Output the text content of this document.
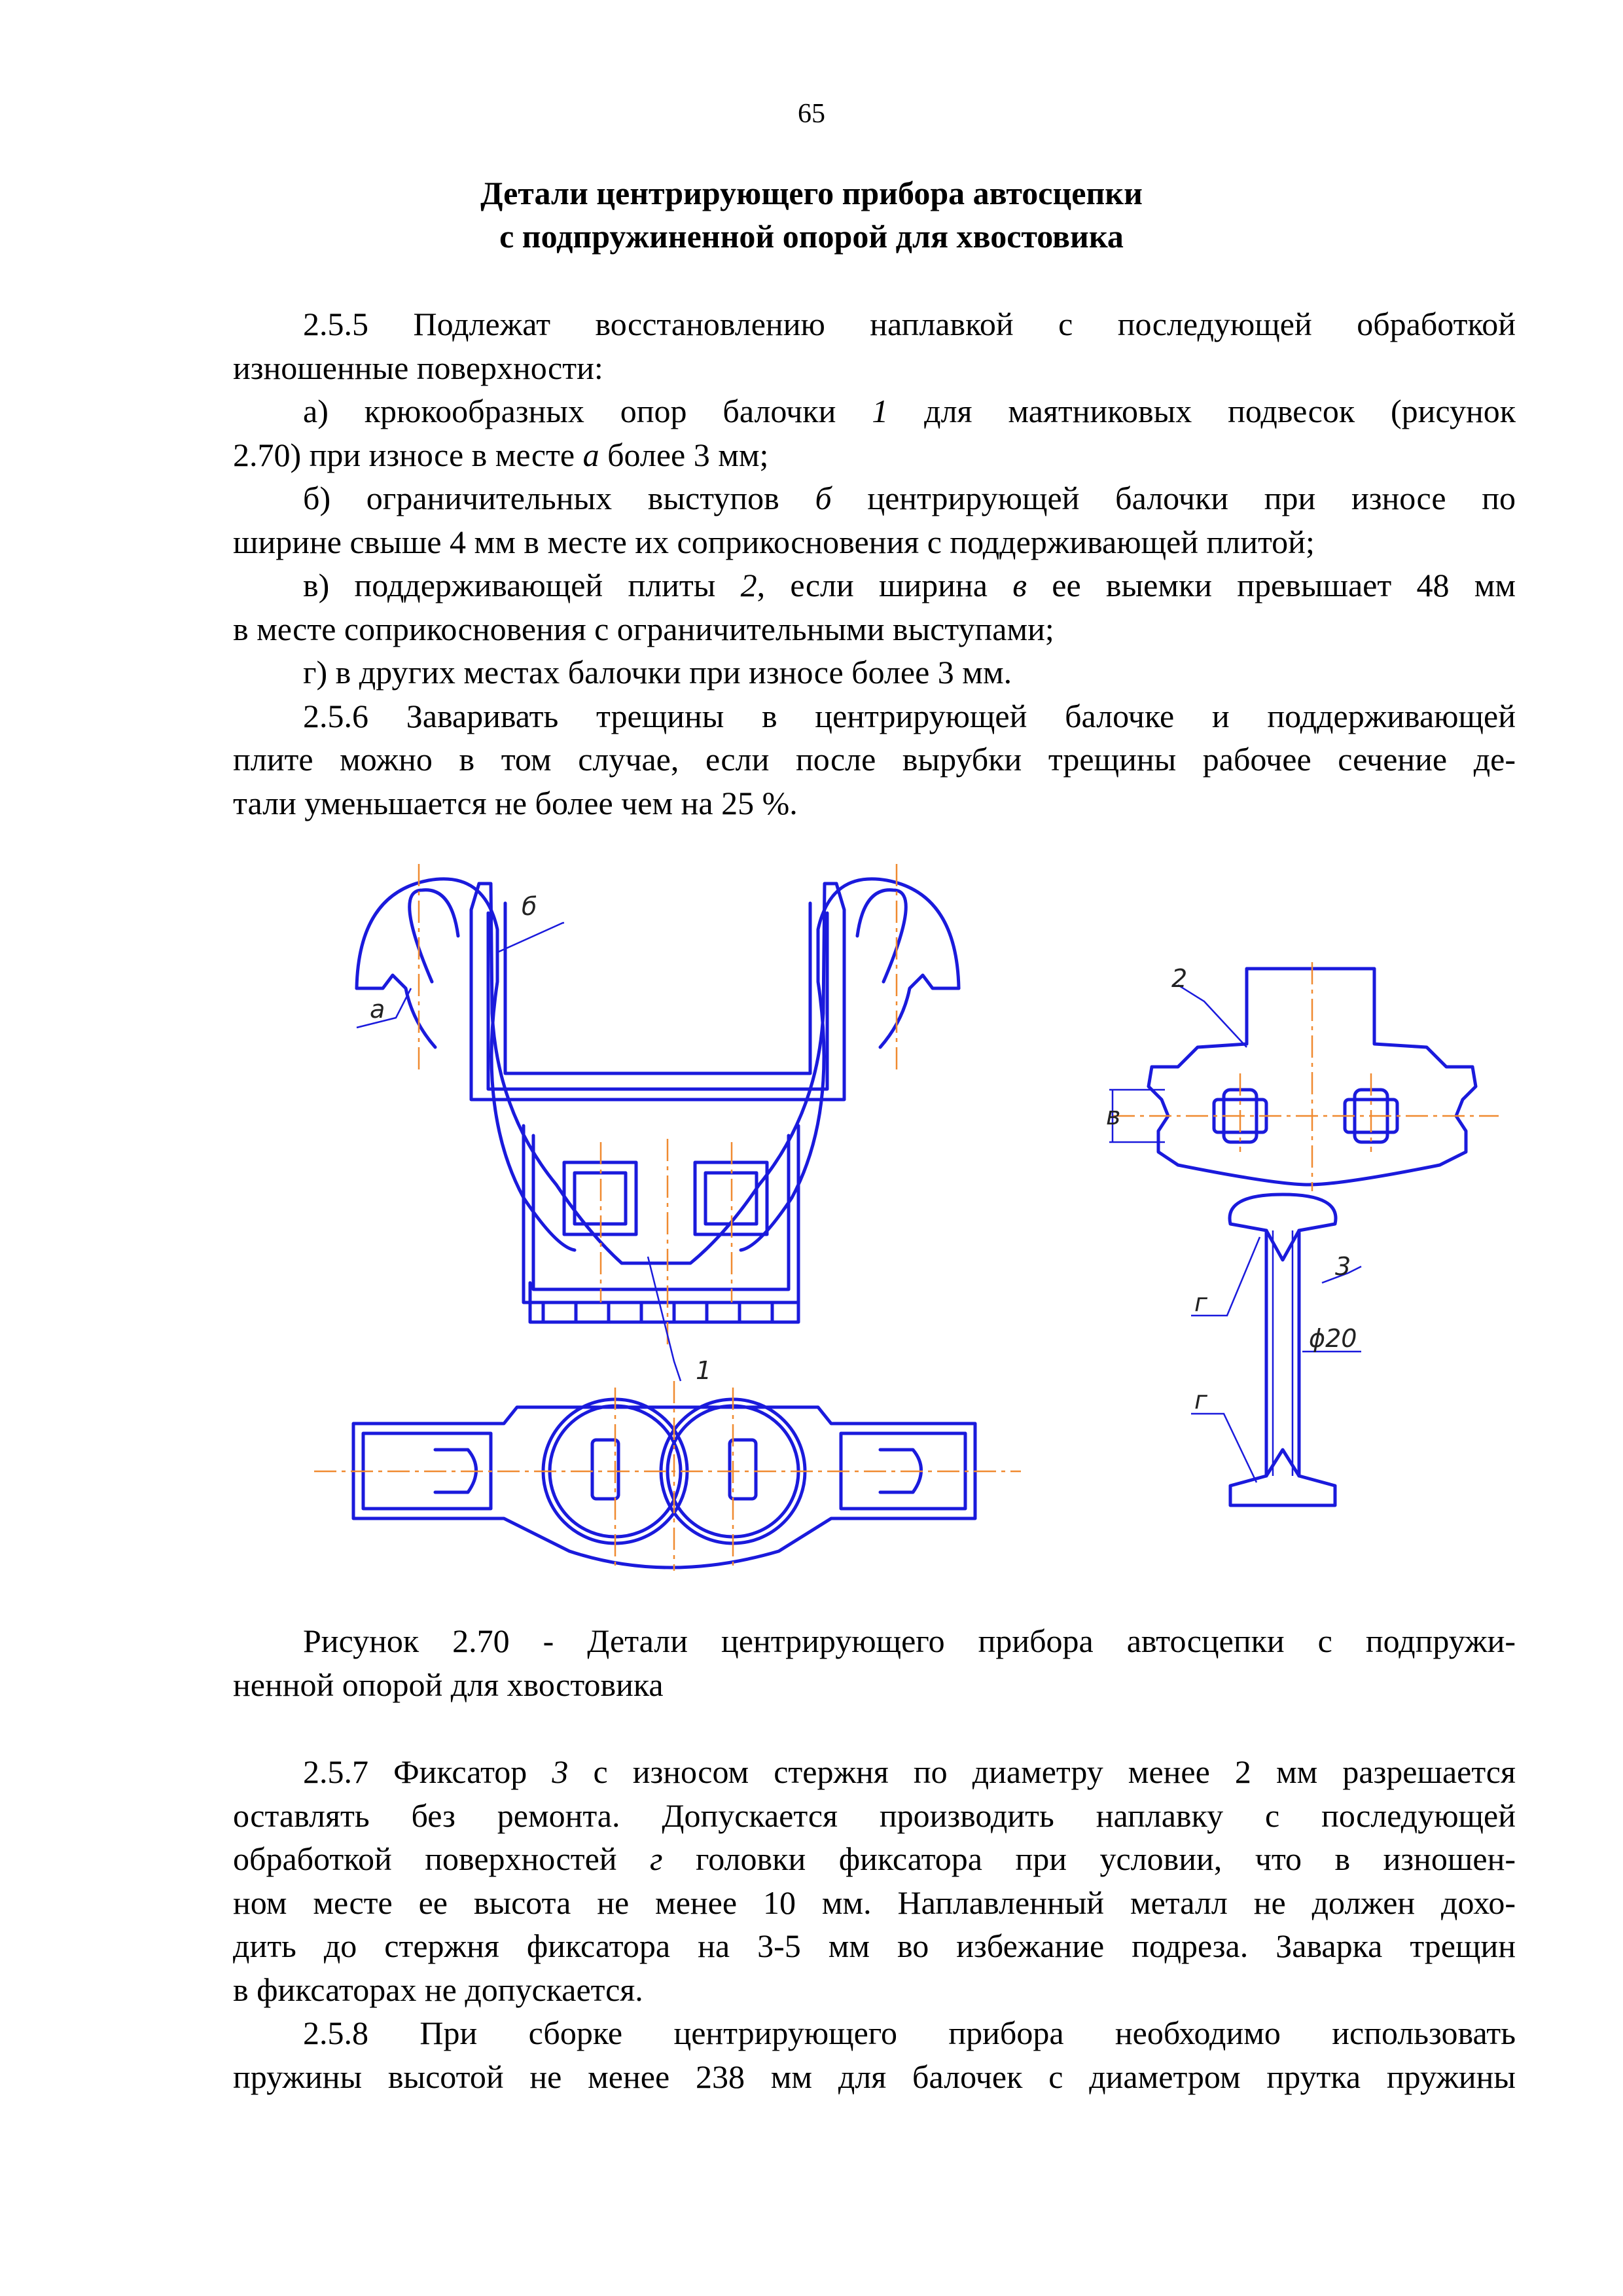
65
Детали центрирующего прибора автосцепки
с подпружиненной опорой для хвостовика
2.5.5 Подлежат восстановлению наплавкой с последующей обработкой
изношенные поверхности:
а) крюкообразных опор балочки 1 для маятниковых подвесок (рисунок
2.70) при износе в месте а более 3 мм;
б) ограничительных выступов б центрирующей балочки при износе по
ширине свыше 4 мм в месте их соприкосновения с поддерживающей плитой;
в) поддерживающей плиты 2, если ширина в ее выемки превышает 48 мм
в месте соприкосновения с ограничительными выступами;
г) в других местах балочки при износе более 3 мм.
2.5.6 Заваривать трещины в центрирующей балочке и поддерживающей
плите можно в том случае, если после вырубки трещины рабочее сечение де-
тали уменьшается не более чем на 25 %.
б
а
1
2
в
3
ϕ20
г
г
Рисунок 2.70 - Детали центрирующего прибора автосцепки с подпружи-
ненной опорой для хвостовика
2.5.7 Фиксатор 3 с износом стержня по диаметру менее 2 мм разрешается
оставлять без ремонта. Допускается производить наплавку с последующей
обработкой поверхностей г головки фиксатора при условии, что в изношен-
ном месте ее высота не менее 10 мм. Наплавленный металл не должен дохо-
дить до стержня фиксатора на 3-5 мм во избежание подреза. Заварка трещин
в фиксаторах не допускается.
2.5.8 При сборке центрирующего прибора необходимо использовать
пружины высотой не менее 238 мм для балочек с диаметром прутка пружины
